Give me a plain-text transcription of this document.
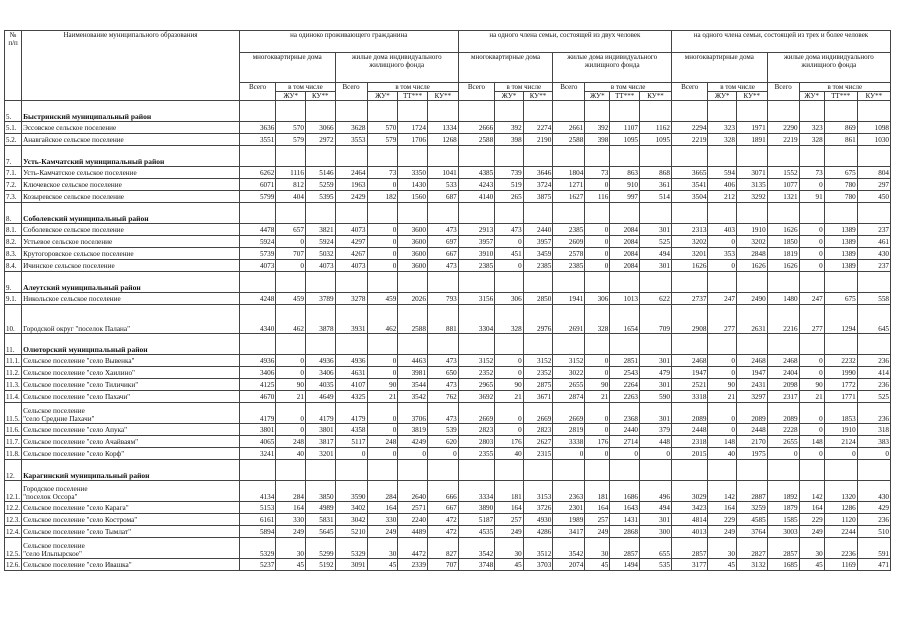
№ п/п	Наименование муниципального образования	на одиноко проживающего гражданина							на одного члена семьи, состоящей из двух человек							на одного члена семьи, состоящей из трех и более человек						
		многоквартирные дома			жилые дома индивидуального жилищного фонда				многоквартирные дома			жилые дома индивидуального жилищного фонда				многоквартирные дома			жилые дома индивидуального жилищного фонда			
		Всего	в том числе		Всего	в том числе			Всего	в том числе		Всего	в том числе			Всего	в том числе		Всего	в том числе		
			ЖУ*	КУ**		ЖУ*	ТТ***	КУ**		ЖУ*	КУ**		ЖУ*	ТТ***	КУ**		ЖУ*	КУ**		ЖУ*	ТТ***	КУ**
5.	Быстринский муниципальный район																					
5.1.	Эссовское сельское поселение	3636	570	3066	3628	570	1724	1334	2666	392	2274	2661	392	1107	1162	2294	323	1971	2290	323	869	1098
5.2.	Анавгайское сельское поселение	3551	579	2972	3553	579	1706	1268	2588	398	2190	2588	398	1095	1095	2219	328	1891	2219	328	861	1030
7.	Усть-Камчатский муниципальный район																					
7.1.	Усть-Камчатское сельское поселение	6262	1116	5146	2464	73	3350	1041	4385	739	3646	1804	73	863	868	3665	594	3071	1552	73	675	804
7.2.	Ключевское сельское поселение	6071	812	5259	1963	0	1430	533	4243	519	3724	1271	0	910	361	3541	406	3135	1077	0	780	297
7.3.	Козыревское сельское поселение	5799	404	5395	2429	182	1560	687	4140	265	3875	1627	116	997	514	3504	212	3292	1321	91	780	450
8.	Соболевский муниципальный район																					
8.1.	Соболевское сельское поселение	4478	657	3821	4073	0	3600	473	2913	473	2440	2385	0	2084	301	2313	403	1910	1626	0	1389	237
8.2.	Устьевое сельское поселение	5924	0	5924	4297	0	3600	697	3957	0	3957	2609	0	2084	525	3202	0	3202	1850	0	1389	461
8.3.	Крутогоровское сельское поселение	5739	707	5032	4267	0	3600	667	3910	451	3459	2578	0	2084	494	3201	353	2848	1819	0	1389	430
8.4.	Ичинское сельское поселение	4073	0	4073	4073	0	3600	473	2385	0	2385	2385	0	2084	301	1626	0	1626	1626	0	1389	237
9.	Алеутский муниципальный район																					
9.1.	Никольское сельское поселение	4248	459	3789	3278	459	2026	793	3156	306	2850	1941	306	1013	622	2737	247	2490	1480	247	675	558
10.	Городской округ "поселок Палана"	4340	462	3878	3931	462	2588	881	3304	328	2976	2691	328	1654	709	2908	277	2631	2216	277	1294	645
11.	Олюторский муниципальный район																					
11.1.	Сельское поселение "село Вывенка"	4936	0	4936	4936	0	4463	473	3152	0	3152	3152	0	2851	301	2468	0	2468	2468	0	2232	236
11.2.	Сельское поселение "село Хаилино"	3406	0	3406	4631	0	3981	650	2352	0	2352	3022	0	2543	479	1947	0	1947	2404	0	1990	414
11.3.	Сельское поселение "село Тиличики"	4125	90	4035	4107	90	3544	473	2965	90	2875	2655	90	2264	301	2521	90	2431	2098	90	1772	236
11.4.	Сельское поселение "село Пахачи"	4670	21	4649	4325	21	3542	762	3692	21	3671	2874	21	2263	590	3318	21	3297	2317	21	1771	525
11.5.	Сельское поселение
"село Средние Пахачи"	4179	0	4179	4179	0	3706	473	2669	0	2669	2669	0	2368	301	2089	0	2089	2089	0	1853	236
11.6.	Сельское поселение "село Апука"	3801	0	3801	4358	0	3819	539	2823	0	2823	2819	0	2440	379	2448	0	2448	2228	0	1910	318
11.7.	Сельское поселение "село Ачайваям"	4065	248	3817	5117	248	4249	620	2803	176	2627	3338	176	2714	448	2318	148	2170	2655	148	2124	383
11.8.	Сельское поселение "село Корф"	3241	40	3201	0	0	0	0	2355	40	2315	0	0	0	0	2015	40	1975	0	0	0	0
12.	Карагинский муниципальный район																					
12.1.	Городское поселение
"поселок Оссора"	4134	284	3850	3590	284	2640	666	3334	181	3153	2363	181	1686	496	3029	142	2887	1892	142	1320	430
12.2.	Сельское поселение "село Карага"	5153	164	4989	3402	164	2571	667	3890	164	3726	2301	164	1643	494	3423	164	3259	1879	164	1286	429
12.3.	Сельское поселение "село Кострома"	6161	330	5831	3042	330	2240	472	5187	257	4930	1989	257	1431	301	4814	229	4585	1585	229	1120	236
12.4.	Сельское поселение "село Тымлат"	5894	249	5645	5210	249	4489	472	4535	249	4286	3417	249	2868	300	4013	249	3764	3003	249	2244	510
12.5.	Сельское поселение
"село Ильпырское"	5329	30	5299	5329	30	4472	827	3542	30	3512	3542	30	2857	655	2857	30	2827	2857	30	2236	591
12.6.	Сельское поселение "село Ивашка"	5237	45	5192	3091	45	2339	707	3748	45	3703	2074	45	1494	535	3177	45	3132	1685	45	1169	471
